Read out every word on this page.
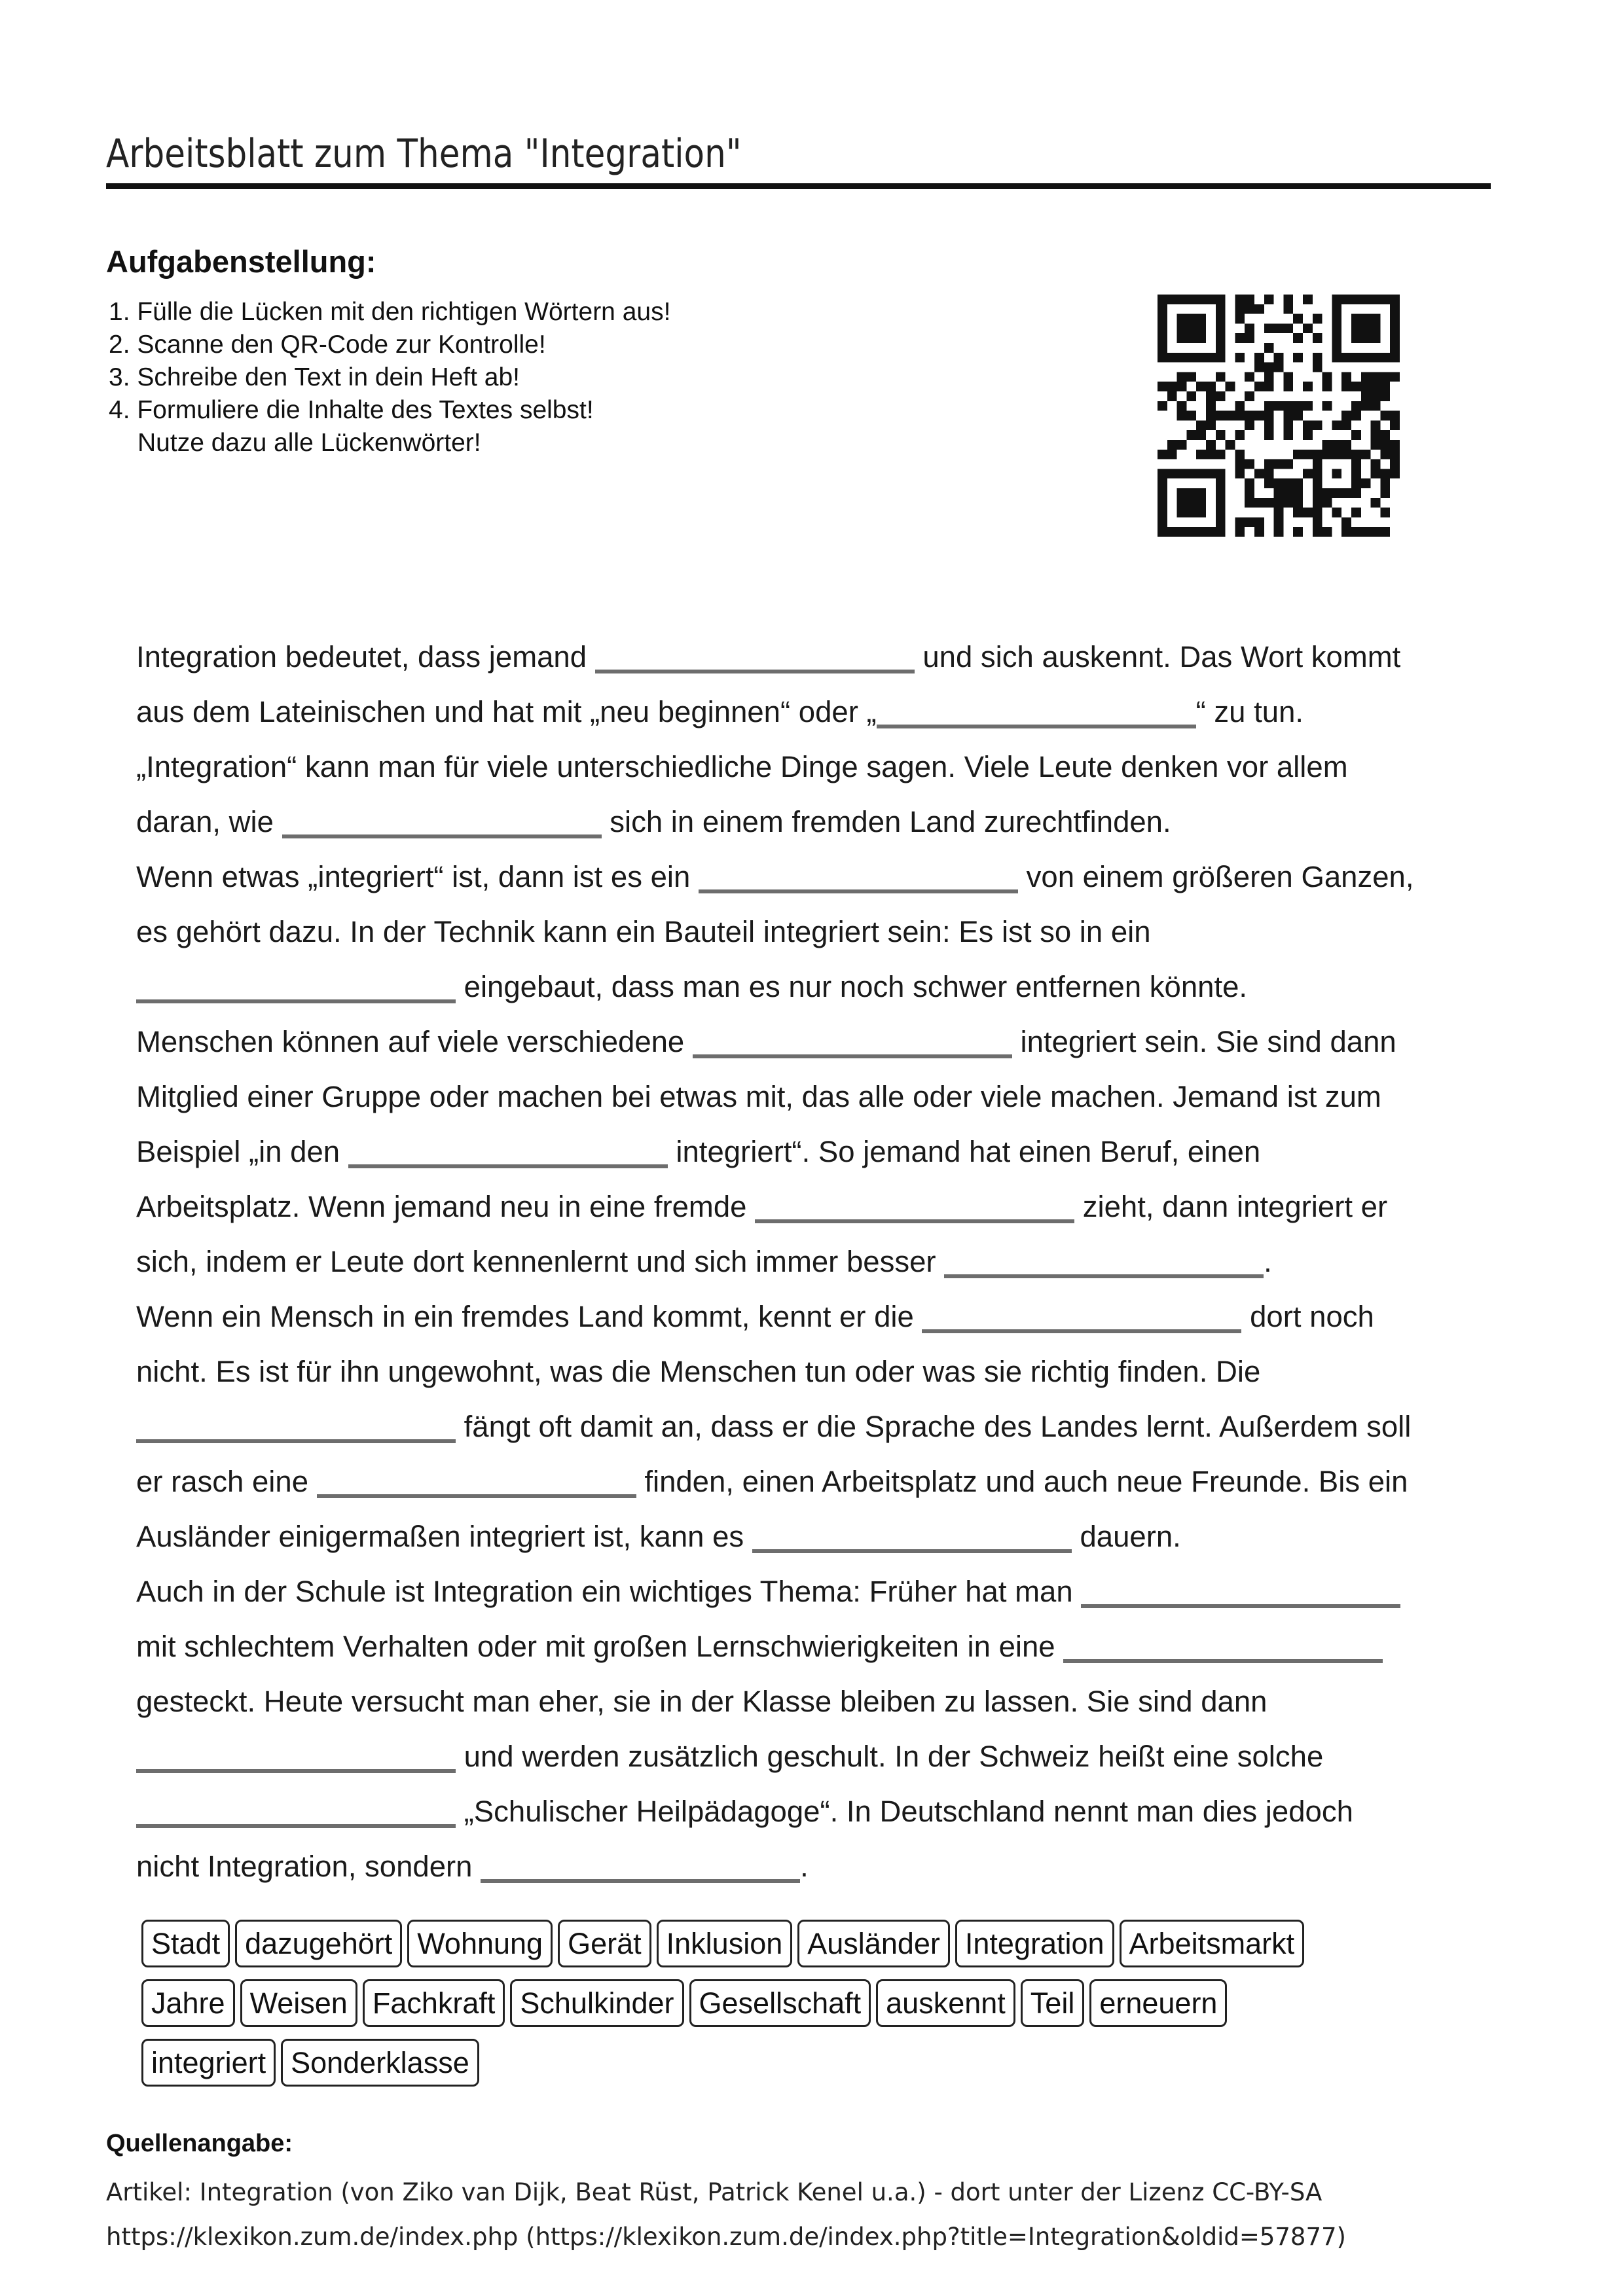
Arbeitsblatt zum Thema "Integration"
Aufgabenstellung:
1. Fülle die Lücken mit den richtigen Wörtern aus!
2. Scanne den QR-Code zur Kontrolle!
3. Schreibe den Text in dein Heft ab!
4. Formuliere die Inhalte des Textes selbst!
Nutze dazu alle Lückenwörter!
Integration bedeutet, dass jemand	und sich auskennt. Das Wort kommt
aus dem Lateinischen und hat mit „neu beginnen“ oder „	“ zu tun.
„Integration“ kann man für viele unterschiedliche Dinge sagen. Viele Leute denken vor allem
daran, wie	sich in einem fremden Land zurechtfinden.
Wenn etwas „integriert“ ist, dann ist es ein	von einem größeren Ganzen,
es gehört dazu. In der Technik kann ein Bauteil integriert sein: Es ist so in ein
eingebaut, dass man es nur noch schwer entfernen könnte.
Menschen können auf viele verschiedene	integriert sein. Sie sind dann
Mitglied einer Gruppe oder machen bei etwas mit, das alle oder viele machen. Jemand ist zum
Beispiel „in den	integriert“. So jemand hat einen Beruf, einen
Arbeitsplatz. Wenn jemand neu in eine fremde	zieht, dann integriert er
sich, indem er Leute dort kennenlernt und sich immer besser	.
Wenn ein Mensch in ein fremdes Land kommt, kennt er die	dort noch
nicht. Es ist für ihn ungewohnt, was die Menschen tun oder was sie richtig finden. Die
fängt oft damit an, dass er die Sprache des Landes lernt. Außerdem soll
er rasch eine	finden, einen Arbeitsplatz und auch neue Freunde. Bis ein
Ausländer einigermaßen integriert ist, kann es	dauern.
Auch in der Schule ist Integration ein wichtiges Thema: Früher hat man
mit schlechtem Verhalten oder mit großen Lernschwierigkeiten in eine
gesteckt. Heute versucht man eher, sie in der Klasse bleiben zu lassen. Sie sind dann
und werden zusätzlich geschult. In der Schweiz heißt eine solche
„Schulischer Heilpädagoge“. In Deutschland nennt man dies jedoch
nicht Integration, sondern	.
Stadt dazugehört Wohnung Gerät Inklusion Ausländer Integration Arbeitsmarkt
Jahre Weisen Fachkraft Schulkinder Gesellschaft auskennt Teil erneuern
integriert Sonderklasse
Quellenangabe:
Artikel: Integration (von Ziko van Dijk, Beat Rüst, Patrick Kenel u.a.) - dort unter der Lizenz CC-BY-SA
https://klexikon.zum.de/index.php (https://klexikon.zum.de/index.php?title=Integration&oldid=57877)
